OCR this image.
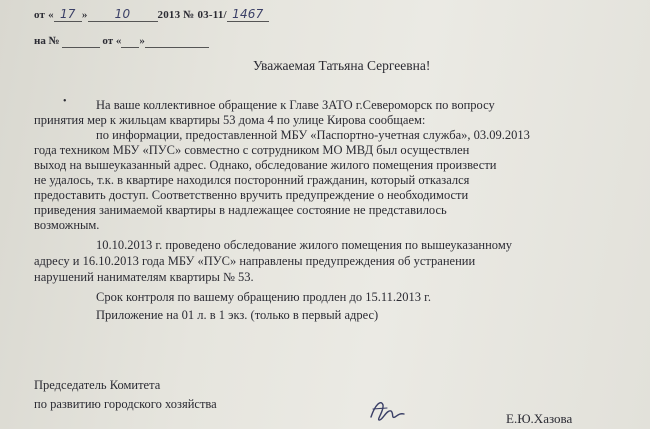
от « 17 » 10 2013 № 03-11/ 1467
на №	от « »
Уважаемая Татьяна Сергеевна!
• На ваше коллективное обращение к Главе ЗАТО г.Североморск по вопросу
принятия мер к жильцам квартиры 53 дома 4 по улице Кирова сообщаем:
по информации, предоставленной МБУ «Паспортно-учетная служба», 03.09.2013
года техником МБУ «ПУС» совместно с сотрудником МО МВД был осуществлен
выход на вышеуказанный адрес. Однако, обследование жилого помещения произвести
не удалось, т.к. в квартире находился посторонний гражданин, который отказался
предоставить доступ. Соответственно вручить предупреждение о необходимости
приведения занимаемой квартиры в надлежащее состояние не представилось
возможным.
10.10.2013 г. проведено обследование жилого помещения по вышеуказанному
адресу и 16.10.2013 года МБУ «ПУС» направлены предупреждения об устранении
нарушений нанимателям квартиры № 53.
Срок контроля по вашему обращению продлен до 15.11.2013 г.
Приложение на 01 л. в 1 экз. (только в первый адрес)
Председатель Комитета
по развитию городского хозяйства
Е.Ю.Хазова
